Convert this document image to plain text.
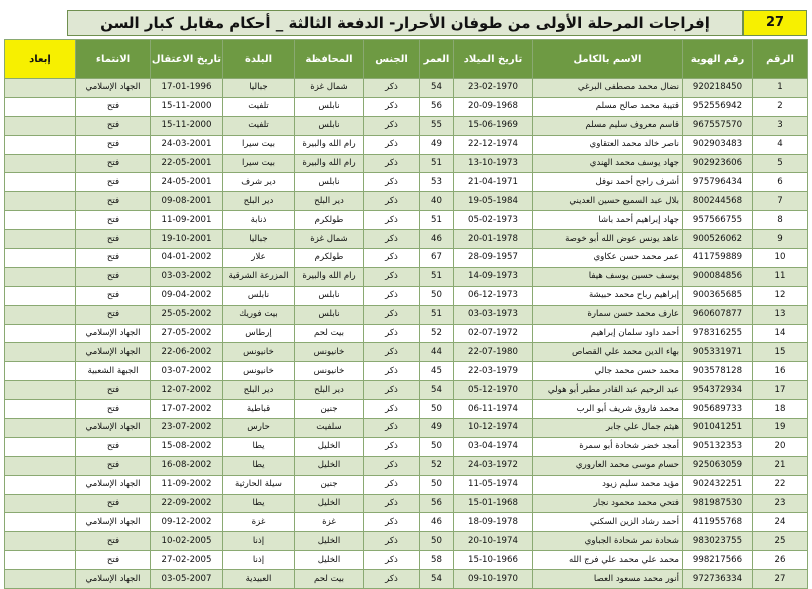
إفراجات المرحلة الأولى من طوفان الأحرار- الدفعة الثالثة _ أحكام مقابل كبار السن	27
الرقم	رقم الهوية	الاسم بالكامل	تاريخ الميلاد	العمر	الجنس	المحافظة	البلدة	تاريخ الاعتقال	الانتماء	إبعاد
1	920218450	نضال محمد مصطفى البرغي	23-02-1970	54	ذكر	شمال غزة	جباليا	17-01-1996	الجهاد الإسلامي	
2	952556942	قتيبة محمد صالح مسلم	20-09-1968	56	ذكر	نابلس	تلفيت	15-11-2000	فتح	
3	967557570	قاسم معروف سليم مسلم	15-06-1969	55	ذكر	نابلس	تلفيت	15-11-2000	فتح	
4	902903483	ناصر خالد محمد العتقاوي	22-12-1974	49	ذكر	رام الله والبيرة	بيت سيرا	24-03-2001	فتح	
5	902923606	جهاد يوسف محمد الهندي	13-10-1973	51	ذكر	رام الله والبيرة	بيت سيرا	22-05-2001	فتح	
6	975796434	أشرف راجح أحمد نوفل	21-04-1971	53	ذكر	نابلس	دير شرف	24-05-2001	فتح	
7	800244568	بلال عبد السميع حسين العديني	19-05-1984	40	ذكر	دير البلح	دير البلح	09-08-2001	فتح	
8	957566755	جهاد إبراهيم أحمد باشا	05-02-1973	51	ذكر	طولكرم	ذنابة	11-09-2001	فتح	
9	900526062	عاهد يونس عوض الله أبو خوصة	20-01-1978	46	ذكر	شمال غزة	جباليا	19-10-2001	فتح	
10	411759889	عمر محمد حسن عكاوي	28-09-1957	67	ذكر	طولكرم	علار	04-01-2002	فتح	
11	900084856	يوسف حسين يوسف هيفا	14-09-1973	51	ذكر	رام الله والبيرة	المزرعة الشرقية	03-03-2002	فتح	
12	900365685	إبراهيم رباح محمد حبيشة	06-12-1973	50	ذكر	نابلس	نابلس	09-04-2002	فتح	
13	960607877	عارف محمد حسن سمارة	03-03-1973	51	ذكر	نابلس	بيت فوريك	25-05-2002	فتح	
14	978316255	أحمد داود سلمان إبراهيم	02-07-1972	52	ذكر	بيت لحم	إرطاس	27-05-2002	الجهاد الإسلامي	
15	905331971	بهاء الدين محمد علي القصاص	22-07-1980	44	ذكر	خانيونس	خانيونس	22-06-2002	الجهاد الإسلامي	
16	903578128	محمد حسن محمد جالي	22-03-1979	45	ذكر	خانيونس	خانيونس	03-07-2002	الجبهة الشعبية	
17	954372934	عبد الرحيم عبد القادر مطير أبو هولي	05-12-1970	54	ذكر	دير البلح	دير البلح	12-07-2002	فتح	
18	905689733	محمد فاروق شريف أبو الرب	06-11-1974	50	ذكر	جنين	قباطية	17-07-2002	فتح	
19	901041251	هيثم جمال علي جابر	10-12-1974	49	ذكر	سلفيت	حارس	23-07-2002	الجهاد الإسلامي	
20	905132353	أمجد خضر شحادة أبو سمرة	03-04-1974	50	ذكر	الخليل	يطا	15-08-2002	فتح	
21	925063059	حسام موسى محمد العاروري	24-03-1972	52	ذكر	الخليل	يطا	16-08-2002	فتح	
22	902432251	مؤيد محمد سليم زيود	11-05-1974	50	ذكر	جنين	سيلة الحارثية	11-09-2002	الجهاد الإسلامي	
23	981987530	فتحي محمد محمود نجار	15-01-1968	56	ذكر	الخليل	يطا	22-09-2002	فتح	
24	411955768	أحمد رشاد الزين السكني	18-09-1978	46	ذكر	غزة	غزة	09-12-2002	الجهاد الإسلامي	
25	983023755	شحادة نمر شحادة الجباوي	20-10-1974	50	ذكر	الخليل	إذنا	10-02-2005	فتح	
26	998217566	محمد علي محمد علي فرج الله	15-10-1966	58	ذكر	الخليل	إذنا	27-02-2005	فتح	
27	972736334	أنور محمد مسعود العصا	09-10-1970	54	ذكر	بيت لحم	العبيدية	03-05-2007	الجهاد الإسلامي	
